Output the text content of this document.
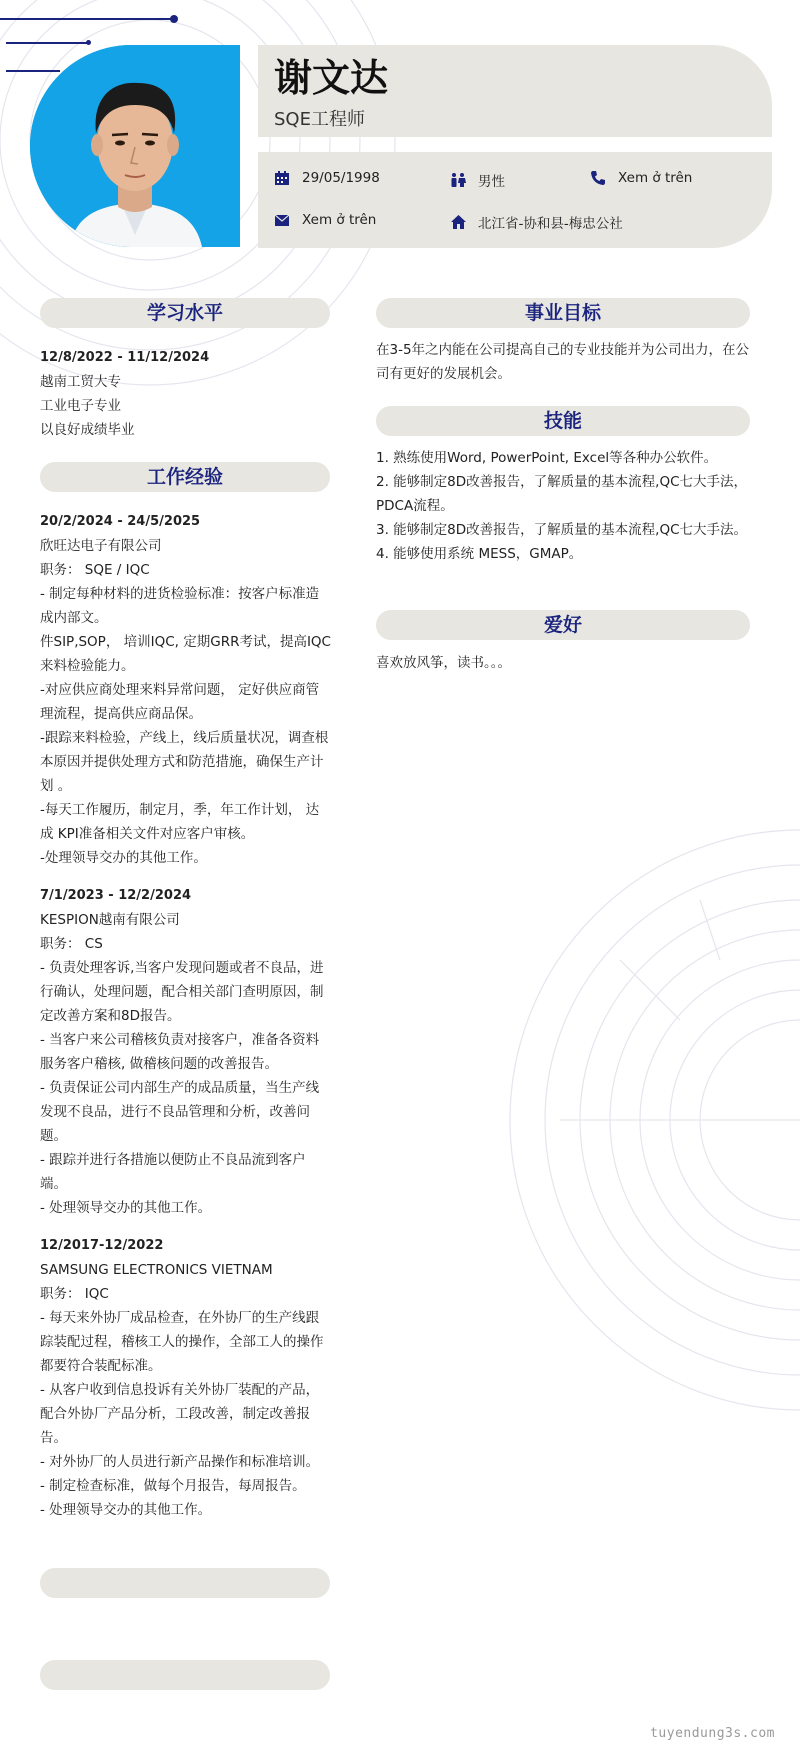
谢文达
SQE工程师
29/05/1998	男性	Xem ở trên
Xem ở trên	北江省-协和县-梅忠公社
学习水平
12/8/2022 - 11/12/2024
越南工贸大专
工业电子专业
以良好成绩毕业
工作经验
20/2/2024 - 24/5/2025
欣旺达电子有限公司
职务： SQE / IQC
- 制定每种材料的进货检验标准：按客户标准造成内部文。
件SIP,SOP， 培训IQC, 定期GRR考试，提高IQC来料检验能力。
-对应供应商处理来料异常问题， 定好供应商管理流程，提高供应商品保。
-跟踪来料检验，产线上，线后质量状况，调查根本原因并提供处理方式和防范措施，确保生产计划 。
-每天工作履历，制定月，季，年工作计划， 达成 KPI准备相关文件对应客户审核。
-处理领导交办的其他工作。
7/1/2023 - 12/2/2024
KESPION越南有限公司
职务： CS
- 负责处理客诉,当客户发现问题或者不良品，进行确认，处理问题，配合相关部门查明原因，制定改善方案和8D报告。
- 当客户来公司稽核负责对接客户，准备各资料服务客户稽核, 做稽核问题的改善报告。
- 负责保证公司内部生产的成品质量，当生产线发现不良品，进行不良品管理和分析，改善问题。
- 跟踪并进行各措施以便防止不良品流到客户端。
- 处理领导交办的其他工作。
12/2017-12/2022
SAMSUNG ELECTRONICS VIETNAM
职务： IQC
- 每天来外协厂成品检查，在外协厂的生产线跟踪装配过程，稽核工人的操作，全部工人的操作都要符合装配标准。
- 从客户收到信息投诉有关外协厂装配的产品，配合外协厂产品分析，工段改善，制定改善报告。
- 对外协厂的人员进行新产品操作和标准培训。
- 制定检查标准，做每个月报告，每周报告。
- 处理领导交办的其他工作。
事业目标
在3-5年之内能在公司提高自己的专业技能并为公司出力，在公司有更好的发展机会。
技能
1. 熟练使用Word, PowerPoint, Excel等各种办公软件。
2. 能够制定8D改善报告，了解质量的基本流程,QC七大手法，PDCA流程。
3. 能够制定8D改善报告，了解质量的基本流程,QC七大手法。
4. 能够使用系统 MESS，GMAP。
爱好
喜欢放风筝，读书。。。
tuyendung3s.com
